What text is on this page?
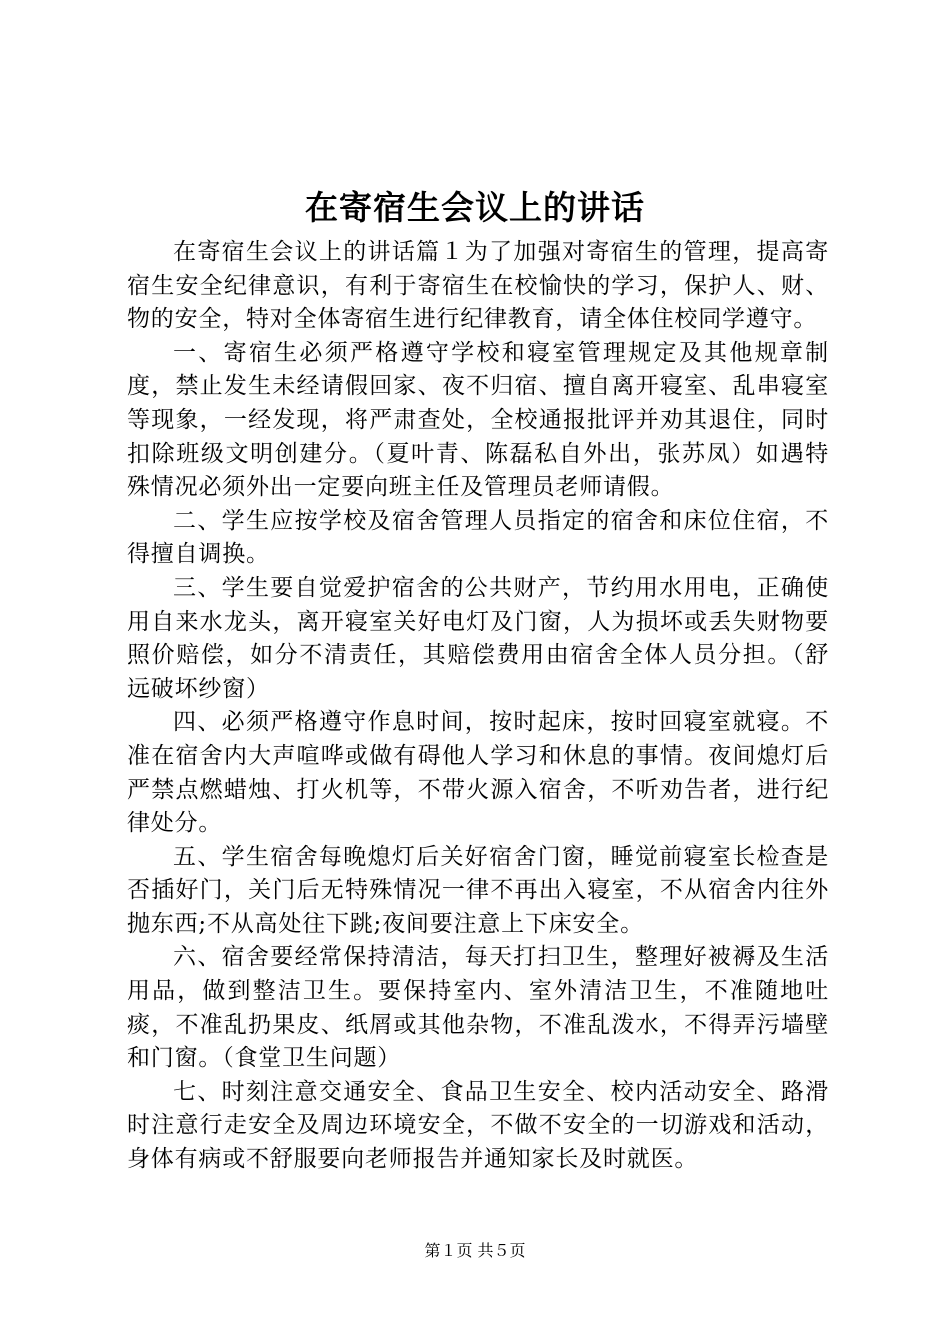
在寄宿生会议上的讲话

在寄宿生会议上的讲话篇１为了加强对寄宿生的管理，提高寄宿生安全纪律意识，有利于寄宿生在校愉快的学习，保护人、财、物的安全，特对全体寄宿生进行纪律教育，请全体住校同学遵守。

一、寄宿生必须严格遵守学校和寝室管理规定及其他规章制度，禁止发生未经请假回家、夜不归宿、擅自离开寝室、乱串寝室等现象，一经发现，将严肃查处，全校通报批评并劝其退住，同时扣除班级文明创建分。（夏叶青、陈磊私自外出，张苏凤）如遇特殊情况必须外出一定要向班主任及管理员老师请假。

二、学生应按学校及宿舍管理人员指定的宿舍和床位住宿，不得擅自调换。

三、学生要自觉爱护宿舍的公共财产，节约用水用电，正确使用自来水龙头，离开寝室关好电灯及门窗，人为损坏或丢失财物要照价赔偿，如分不清责任，其赔偿费用由宿舍全体人员分担。（舒远破坏纱窗）

四、必须严格遵守作息时间，按时起床，按时回寝室就寝。不准在宿舍内大声喧哗或做有碍他人学习和休息的事情。夜间熄灯后严禁点燃蜡烛、打火机等，不带火源入宿舍，不听劝告者，进行纪律处分。

五、学生宿舍每晚熄灯后关好宿舍门窗，睡觉前寝室长检查是否插好门，关门后无特殊情况一律不再出入寝室，不从宿舍内往外抛东西;不从高处往下跳;夜间要注意上下床安全。

六、宿舍要经常保持清洁，每天打扫卫生，整理好被褥及生活用品，做到整洁卫生。要保持室内、室外清洁卫生，不准随地吐痰，不准乱扔果皮、纸屑或其他杂物，不准乱泼水，不得弄污墙壁和门窗。（食堂卫生问题）

七、时刻注意交通安全、食品卫生安全、校内活动安全、路滑时注意行走安全及周边环境安全，不做不安全的一切游戏和活动，身体有病或不舒服要向老师报告并通知家长及时就医。

第１页 共５页
